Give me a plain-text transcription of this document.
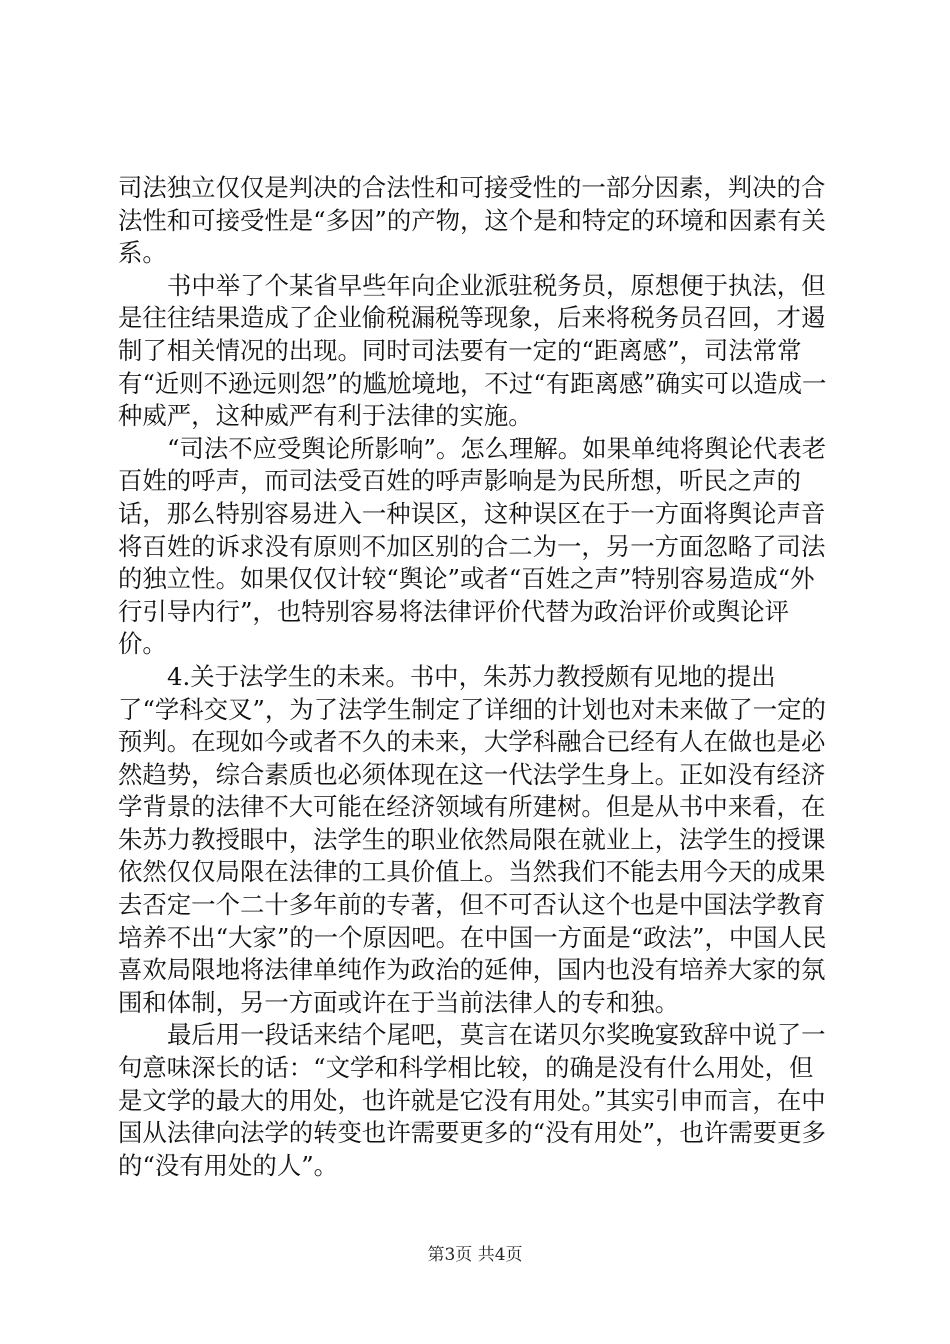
司法独立仅仅是判决的合法性和可接受性的一部分因素，判决的合法性和可接受性是“多因”的产物，这个是和特定的环境和因素有关系。

书中举了个某省早些年向企业派驻税务员，原想便于执法，但是往往结果造成了企业偷税漏税等现象，后来将税务员召回，才遏制了相关情况的出现。同时司法要有一定的“距离感”，司法常常有“近则不逊远则怨”的尴尬境地，不过“有距离感”确实可以造成一种威严，这种威严有利于法律的实施。

“司法不应受舆论所影响”。怎么理解。如果单纯将舆论代表老百姓的呼声，而司法受百姓的呼声影响是为民所想，听民之声的话，那么特别容易进入一种误区，这种误区在于一方面将舆论声音将百姓的诉求没有原则不加区别的合二为一，另一方面忽略了司法的独立性。如果仅仅计较“舆论”或者“百姓之声”特别容易造成“外行引导内行”，也特别容易将法律评价代替为政治评价或舆论评价。

4.关于法学生的未来。书中，朱苏力教授颇有见地的提出了“学科交叉”，为了法学生制定了详细的计划也对未来做了一定的预判。在现如今或者不久的未来，大学科融合已经有人在做也是必然趋势，综合素质也必须体现在这一代法学生身上。正如没有经济学背景的法律不大可能在经济领域有所建树。但是从书中来看，在朱苏力教授眼中，法学生的职业依然局限在就业上，法学生的授课依然仅仅局限在法律的工具价值上。当然我们不能去用今天的成果去否定一个二十多年前的专著，但不可否认这个也是中国法学教育培养不出“大家”的一个原因吧。在中国一方面是“政法”，中国人民喜欢局限地将法律单纯作为政治的延伸，国内也没有培养大家的氛围和体制，另一方面或许在于当前法律人的专和独。

最后用一段话来结个尾吧，莫言在诺贝尔奖晚宴致辞中说了一句意味深长的话：“文学和科学相比较，的确是没有什么用处，但是文学的最大的用处，也许就是它没有用处。”其实引申而言，在中国从法律向法学的转变也许需要更多的“没有用处”，也许需要更多的“没有用处的人”。

第3页 共4页
